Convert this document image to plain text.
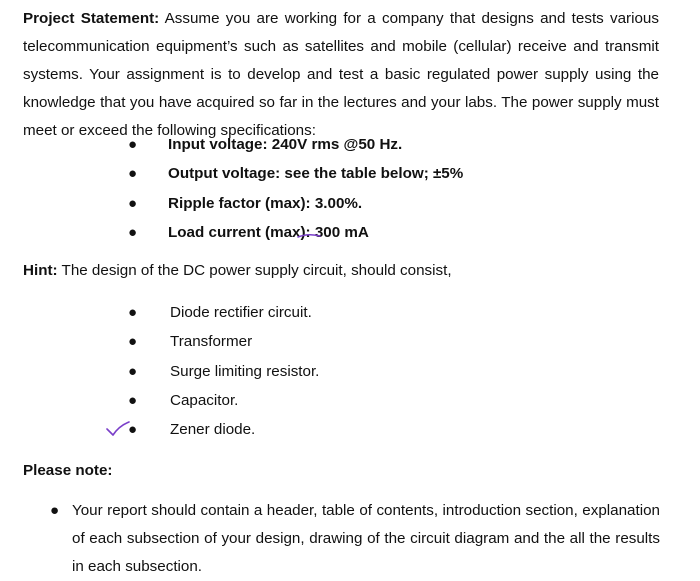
Project Statement: Assume you are working for a company that designs and tests various telecommunication equipment’s such as satellites and mobile (cellular) receive and transmit systems. Your assignment is to develop and test a basic regulated power supply using the knowledge that you have acquired so far in the lectures and your labs. The power supply must meet or exceed the following specifications:

● Input voltage: 240V rms @50 Hz.
● Output voltage: see the table below; ±5%
● Ripple factor (max): 3.00%.
● Load current (max): 300 mA

Hint: The design of the DC power supply circuit, should consist,

● Diode rectifier circuit.
● Transformer
● Surge limiting resistor.
● Capacitor.
● Zener diode.

Please note:

● Your report should contain a header, table of contents, introduction section, explanation of each subsection of your design, drawing of the circuit diagram and the all the results in each subsection.
